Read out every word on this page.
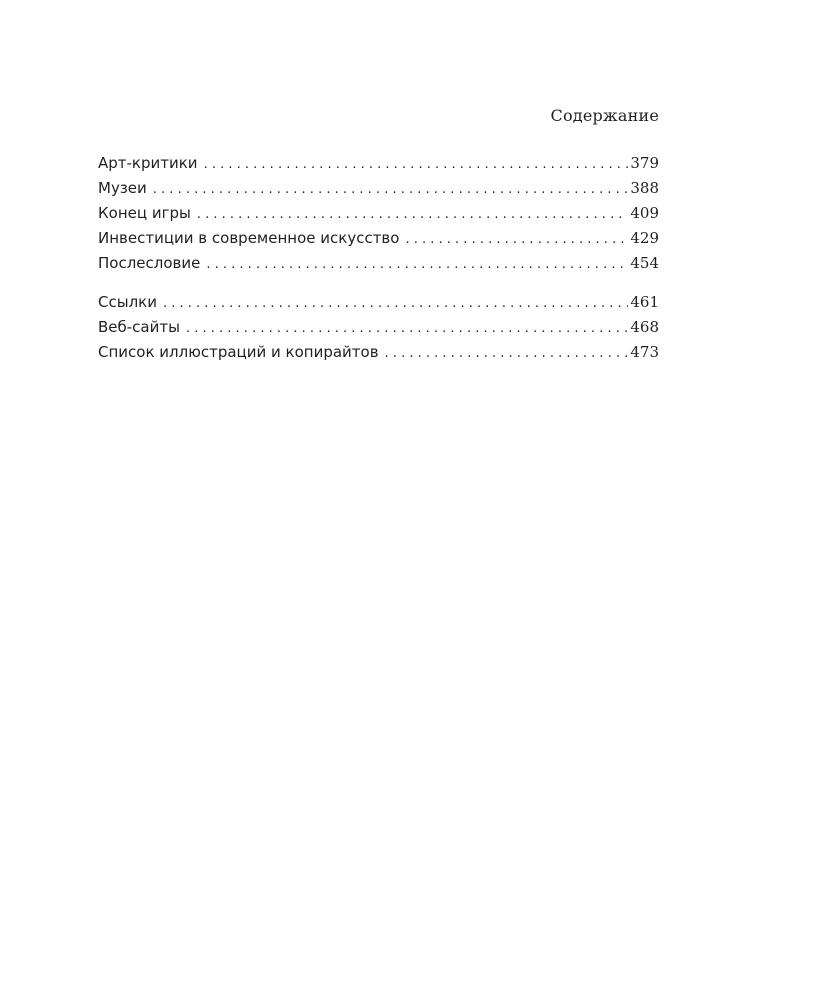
Содержание
Арт-критики . . .	379
Музеи . . .	388
Конец игры . . .	409
Инвестиции в современное искусство . . .	429
Послесловие . . .	454
Ссылки . . .	461
Веб-сайты . . .	468
Список иллюстраций и копирайтов . . .	473
